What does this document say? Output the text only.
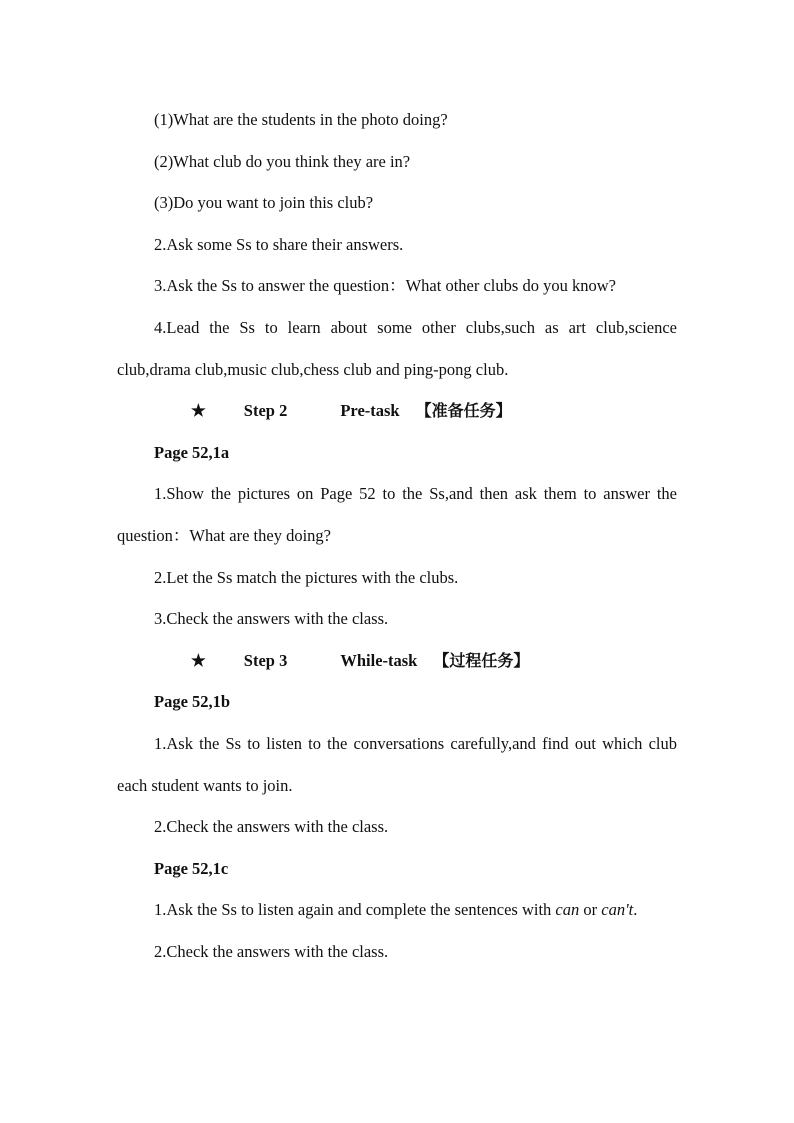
(1)What are the students in the photo doing?

(2)What club do you think they are in?

(3)Do you want to join this club?

2.Ask some Ss to share their answers.

3.Ask the Ss to answer the question：What other clubs do you know?

4.Lead the Ss to learn about some other clubs,such as art club,science club,drama club,music club,chess club and ping-pong club.

★ Step 2	Pre-task 【准备任务】

Page 52,1a

1.Show the pictures on Page 52 to the Ss,and then ask them to answer the question：What are they doing?

2.Let the Ss match the pictures with the clubs.

3.Check the answers with the class.

★ Step 3	While-task 【过程任务】

Page 52,1b

1.Ask the Ss to listen to the conversations carefully,and find out which club each student wants to join.

2.Check the answers with the class.

Page 52,1c

1.Ask the Ss to listen again and complete the sentences with can or can't.

2.Check the answers with the class.
